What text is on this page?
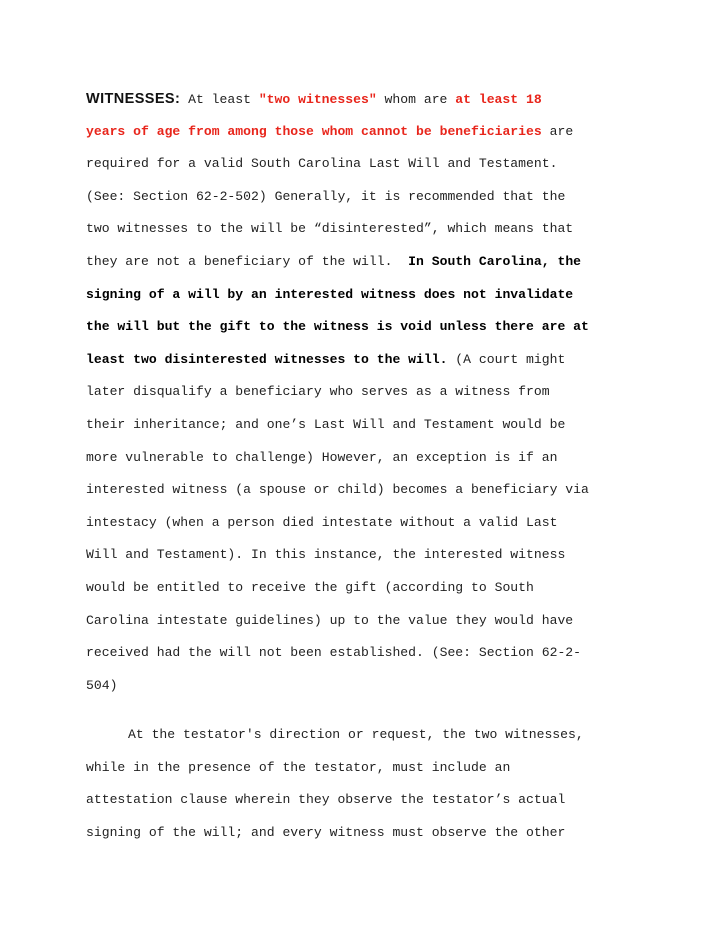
WITNESSES: At least "two witnesses" whom are at least 18
years of age from among those whom cannot be beneficiaries are
required for a valid South Carolina Last Will and Testament.
(See: Section 62-2-502) Generally, it is recommended that the
two witnesses to the will be “disinterested”, which means that
they are not a beneficiary of the will.  In South Carolina, the
signing of a will by an interested witness does not invalidate
the will but the gift to the witness is void unless there are at
least two disinterested witnesses to the will. (A court might
later disqualify a beneficiary who serves as a witness from
their inheritance; and one’s Last Will and Testament would be
more vulnerable to challenge) However, an exception is if an
interested witness (a spouse or child) becomes a beneficiary via
intestacy (when a person died intestate without a valid Last
Will and Testament). In this instance, the interested witness
would be entitled to receive the gift (according to South
Carolina intestate guidelines) up to the value they would have
received had the will not been established. (See: Section 62-2-
504)
At the testator's direction or request, the two witnesses,
while in the presence of the testator, must include an
attestation clause wherein they observe the testator’s actual
signing of the will; and every witness must observe the other
